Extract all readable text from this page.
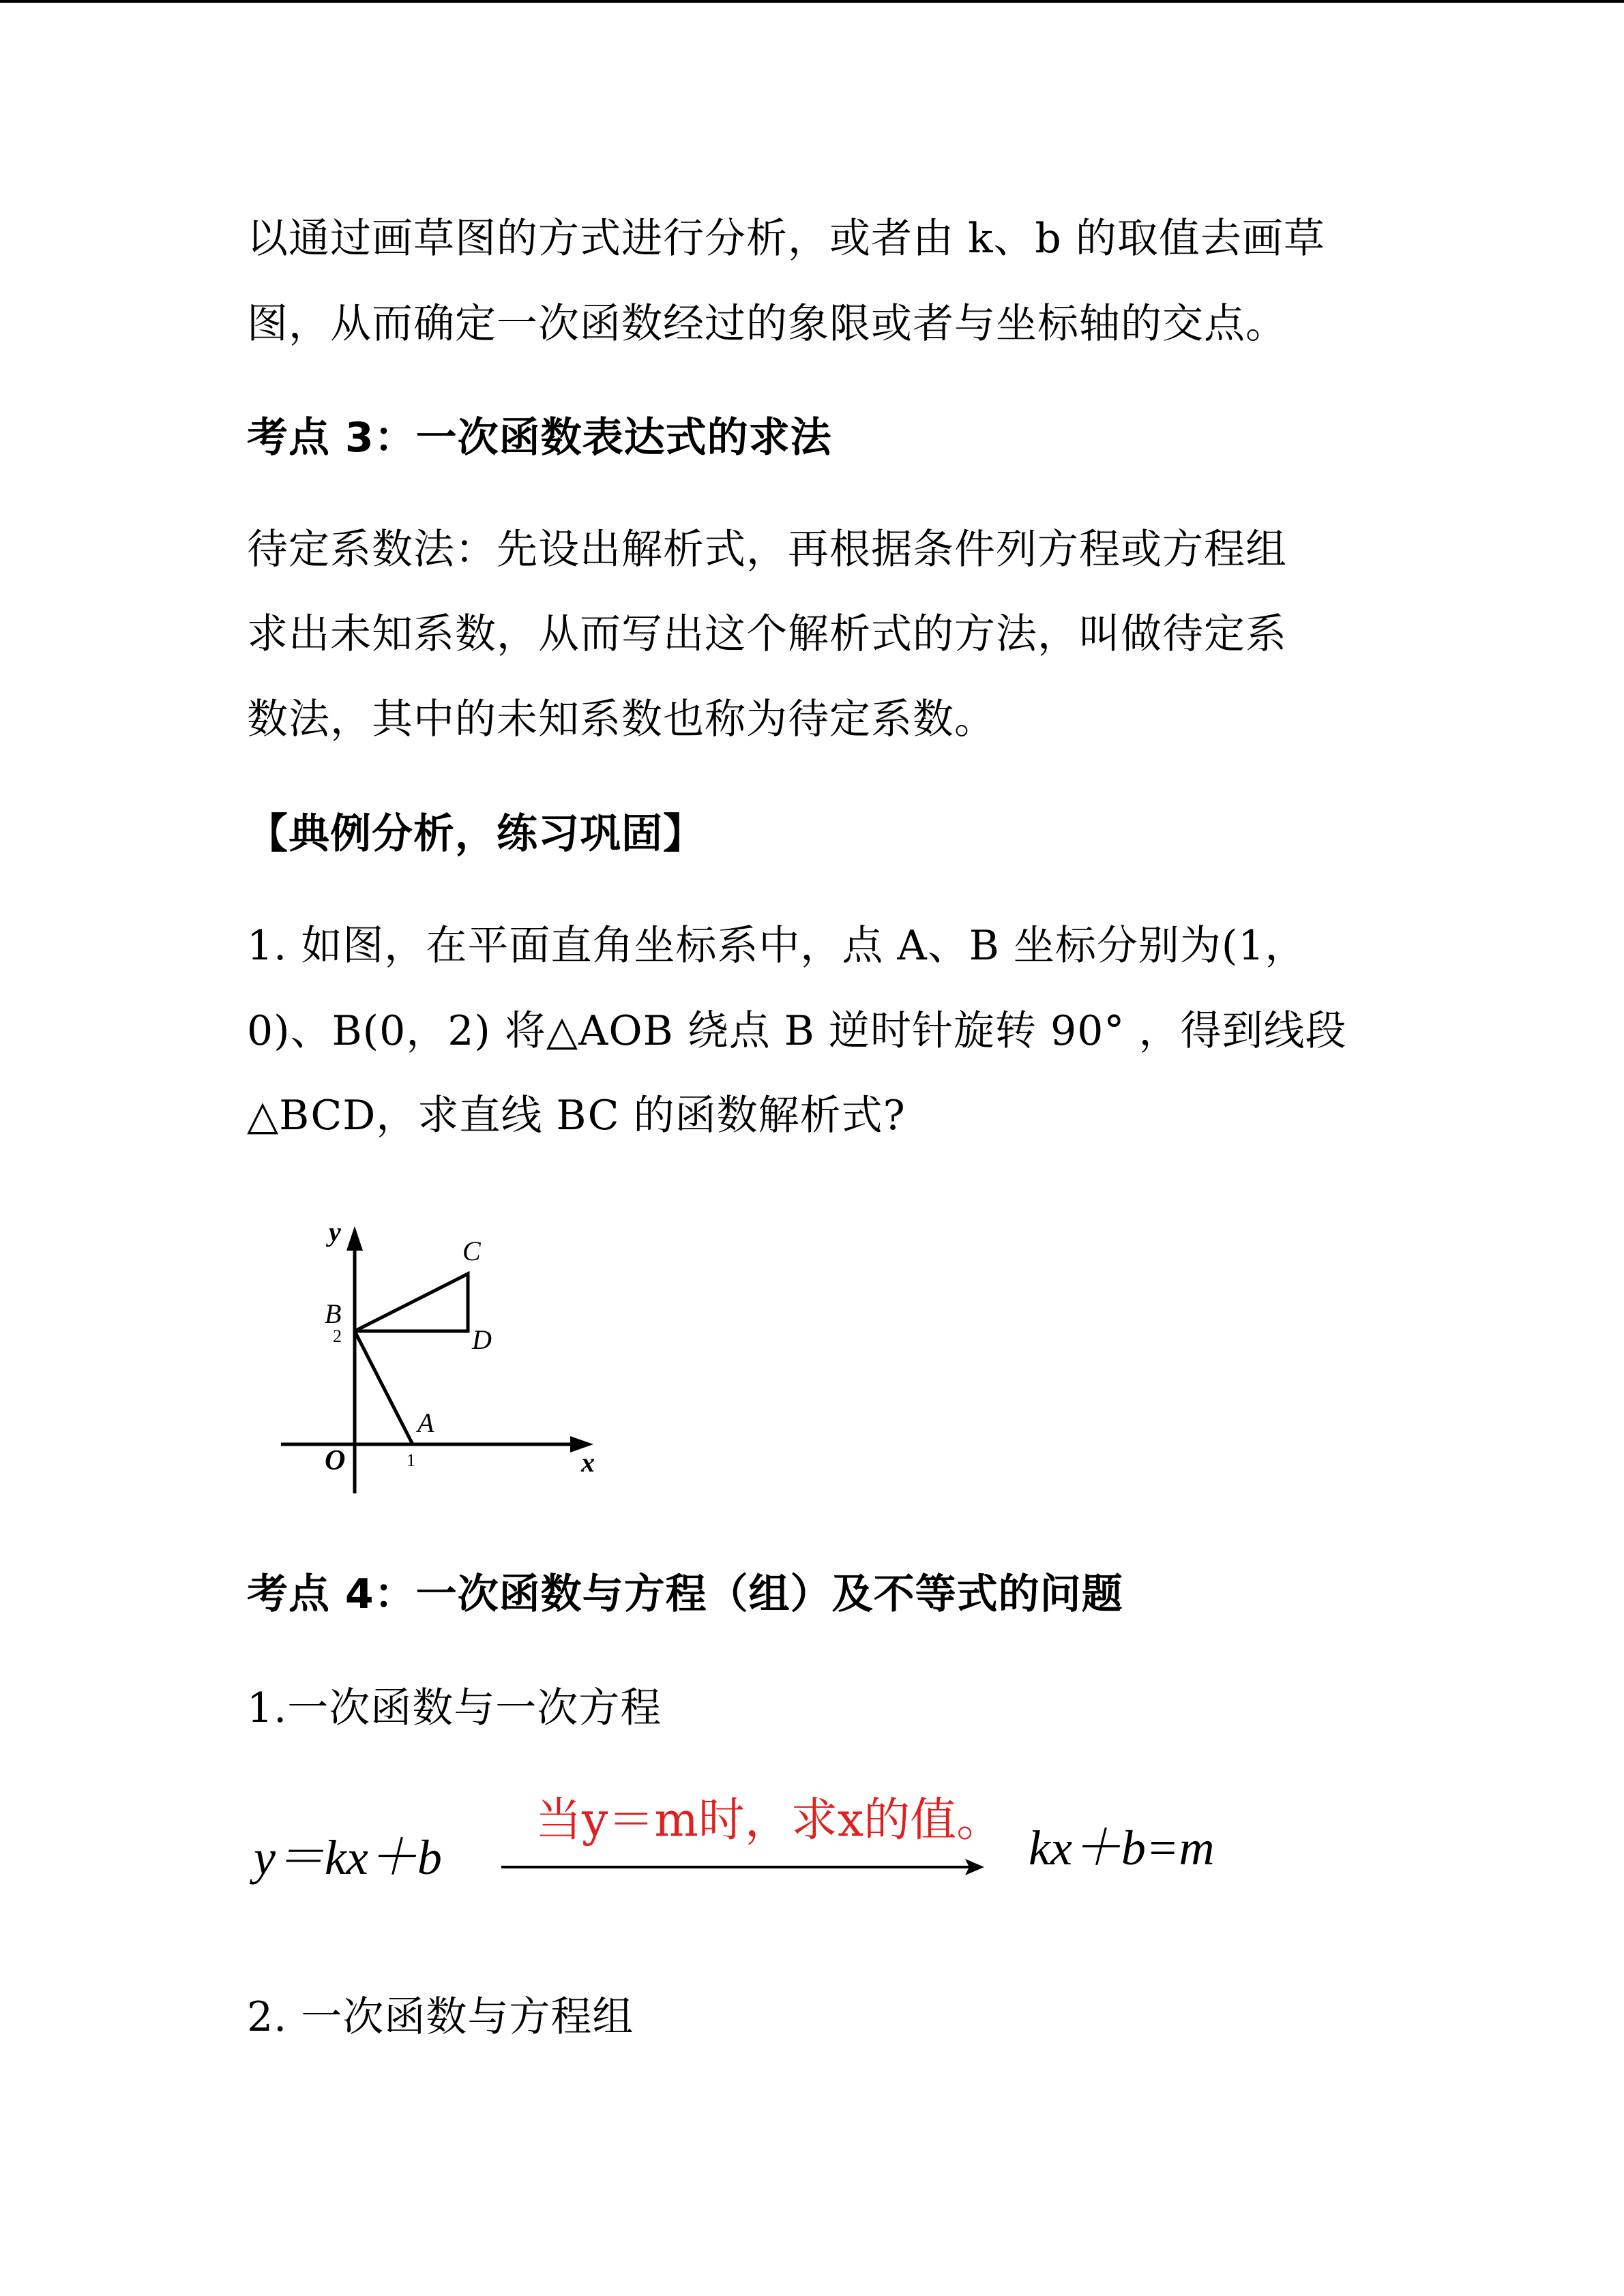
以通过画草图的方式进行分析，或者由 k、b 的取值去画草
图，从而确定一次函数经过的象限或者与坐标轴的交点。
考点 3：一次函数表达式的求法
待定系数法：先设出解析式，再根据条件列方程或方程组
求出未知系数，从而写出这个解析式的方法，叫做待定系
数法，其中的未知系数也称为待定系数。
【典例分析，练习巩固】
1. 如图，在平面直角坐标系中，点 A、B 坐标分别为(1，
0)、B(0，2) 将△AOB 绕点 B 逆时针旋转 90° ，得到线段
△BCD，求直线 BC 的函数解析式?
y
C
B
2	D
A
O	1	x
考点 4：一次函数与方程（组）及不等式的问题
1.一次函数与一次方程
y＝kx＋b
当y＝m时，求x的值。
kx＋b=m
2. 一次函数与方程组
